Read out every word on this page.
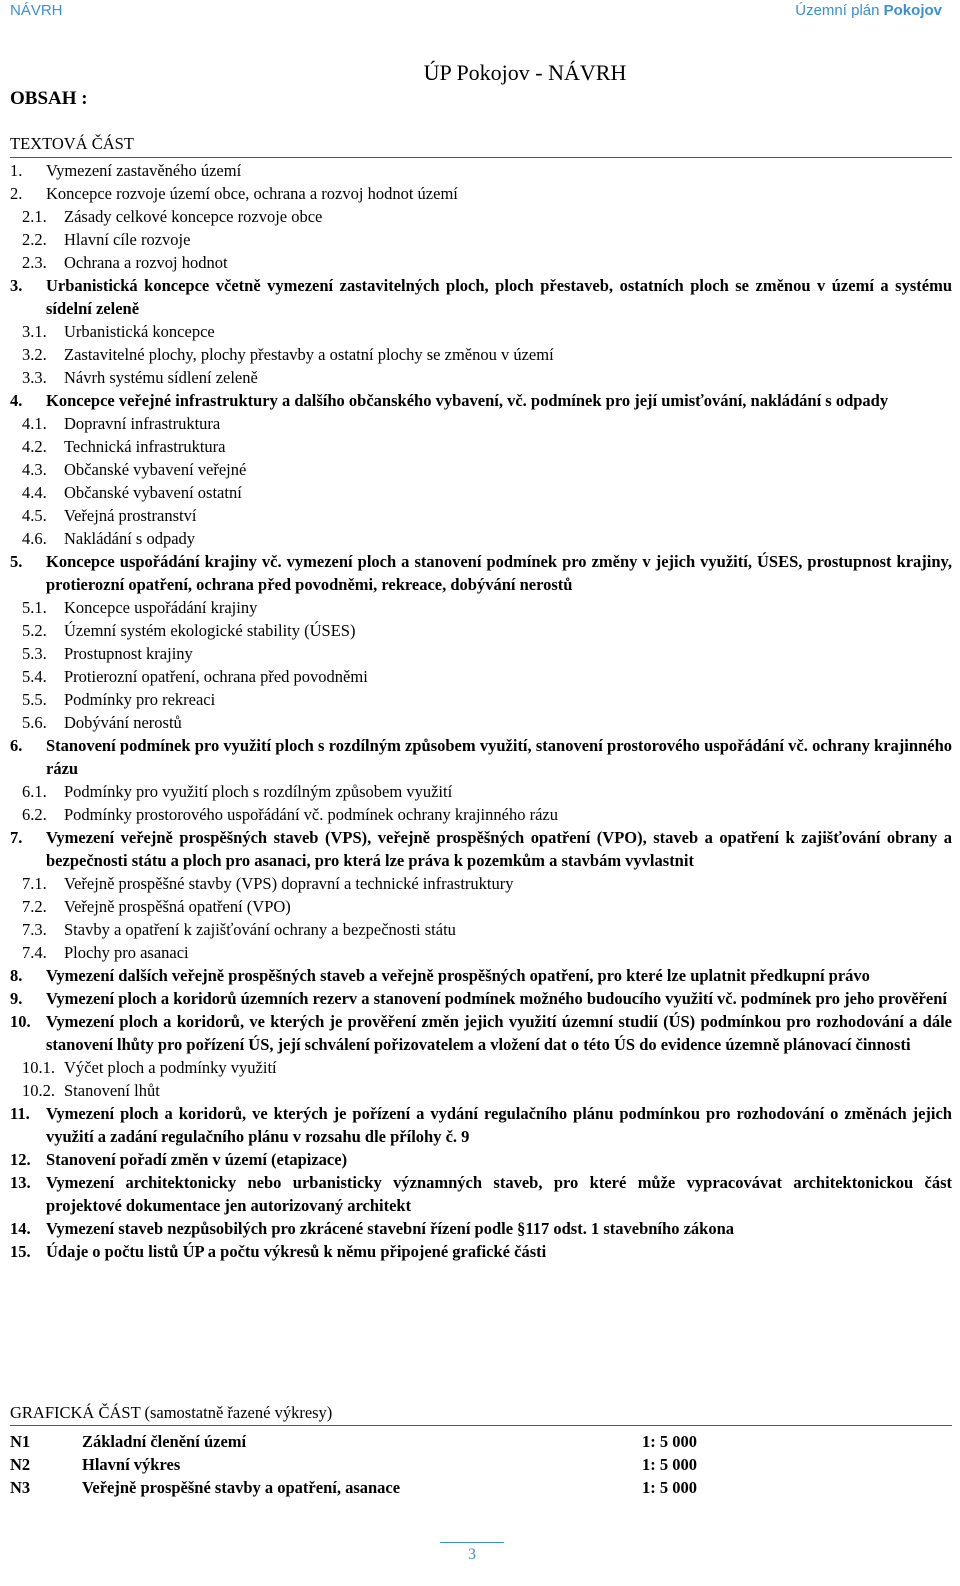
NÁVRH	Územní plán Pokojov
ÚP Pokojov - NÁVRH
OBSAH :
TEXTOVÁ ČÁST
1. Vymezení zastavěného území
2. Koncepce rozvoje území obce, ochrana a rozvoj hodnot území
2.1. Zásady celkové koncepce rozvoje obce
2.2. Hlavní cíle rozvoje
2.3. Ochrana a rozvoj hodnot
3. Urbanistická koncepce včetně vymezení zastavitelných ploch, ploch přestaveb, ostatních ploch se změnou v území a systému sídelní zeleně
3.1. Urbanistická koncepce
3.2. Zastavitelné plochy, plochy přestavby a ostatní plochy se změnou v území
3.3. Návrh systému sídlení zeleně
4. Koncepce veřejné infrastruktury a dalšího občanského vybavení, vč. podmínek pro její umisťování, nakládání s odpady
4.1. Dopravní infrastruktura
4.2. Technická infrastruktura
4.3. Občanské vybavení veřejné
4.4. Občanské vybavení ostatní
4.5. Veřejná prostranství
4.6. Nakládání s odpady
5. Koncepce uspořádání krajiny vč. vymezení ploch a stanovení podmínek pro změny v jejich využití, ÚSES, prostupnost krajiny, protierozní opatření, ochrana před povodněmi, rekreace, dobývání nerostů
5.1. Koncepce uspořádání krajiny
5.2. Územní systém ekologické stability (ÚSES)
5.3. Prostupnost krajiny
5.4. Protierozní opatření, ochrana před povodněmi
5.5. Podmínky pro rekreaci
5.6. Dobývání nerostů
6. Stanovení podmínek pro využití ploch s rozdílným způsobem využití, stanovení prostorového uspořádání vč. ochrany krajinného rázu
6.1. Podmínky pro využití ploch s rozdílným způsobem využití
6.2. Podmínky prostorového uspořádání vč. podmínek ochrany krajinného rázu
7. Vymezení veřejně prospěšných staveb (VPS), veřejně prospěšných opatření (VPO), staveb a opatření k zajišťování obrany a bezpečnosti státu a ploch pro asanaci, pro která lze práva k pozemkům a stavbám vyvlastnit
7.1. Veřejně prospěšné stavby (VPS) dopravní a technické infrastruktury
7.2. Veřejně prospěšná opatření (VPO)
7.3. Stavby a opatření k zajišťování ochrany a bezpečnosti státu
7.4. Plochy pro asanaci
8. Vymezení dalších veřejně prospěšných staveb a veřejně prospěšných opatření, pro které lze uplatnit předkupní právo
9. Vymezení ploch a koridorů územních rezerv a stanovení podmínek možného budoucího využití vč. podmínek pro jeho prověření
10. Vymezení ploch a koridorů, ve kterých je prověření změn jejich využití územní studií (ÚS) podmínkou pro rozhodování a dále stanovení lhůty pro pořízení ÚS, její schválení pořizovatelem a vložení dat o této ÚS do evidence územně plánovací činnosti
10.1. Výčet ploch a podmínky využití
10.2. Stanovení lhůt
11. Vymezení ploch a koridorů, ve kterých je pořízení a vydání regulačního plánu podmínkou pro rozhodování o změnách jejich využití a zadání regulačního plánu v rozsahu dle přílohy č. 9
12. Stanovení pořadí změn v území (etapizace)
13. Vymezení architektonicky nebo urbanisticky významných staveb, pro které může vypracovávat architektonickou část projektové dokumentace jen autorizovaný architekt
14. Vymezení staveb nezpůsobilých pro zkrácené stavební řízení podle §117 odst. 1 stavebního zákona
15. Údaje o počtu listů ÚP a počtu výkresů k němu připojené grafické části
GRAFICKÁ ČÁST (samostatně řazené výkresy)
N1	Základní členění území	1: 5 000
N2	Hlavní výkres	1: 5 000
N3	Veřejně prospěšné stavby a opatření, asanace	1: 5 000
3
